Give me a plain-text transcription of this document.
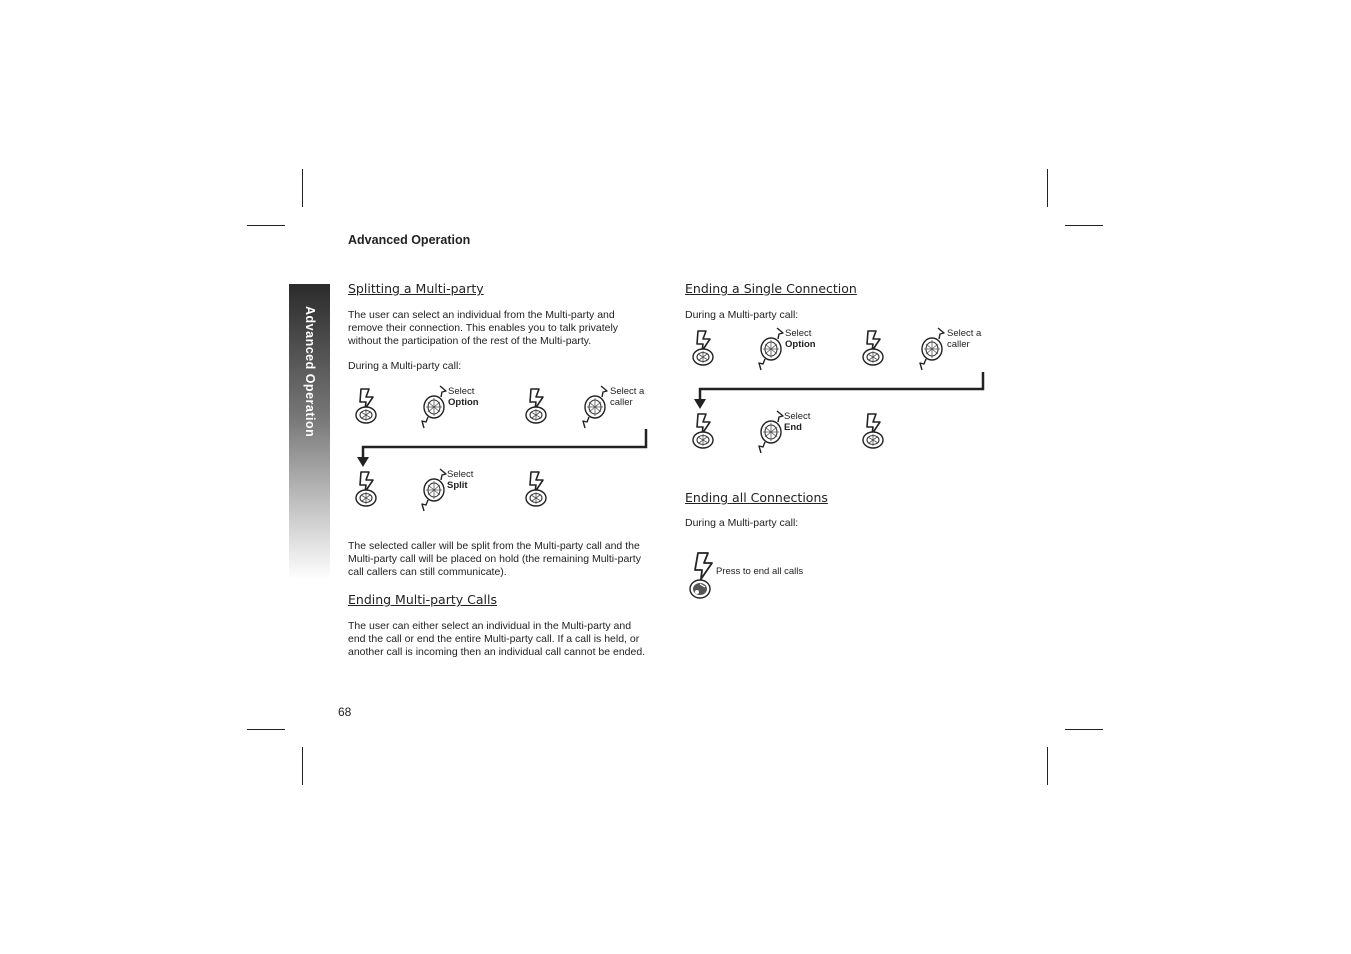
Advanced Operation
Advanced Operation
Splitting a Multi-party
The user can select an individual from the Multi-party and
remove their connection. This enables you to talk privately
without the participation of the rest of the Multi-party.
During a Multi-party call:
Select
Option
Select a
caller
Select
Split
The selected caller will be split from the Multi-party call and the
Multi-party call will be placed on hold (the remaining Multi-party
call callers can still communicate).
Ending Multi-party Calls
The user can either select an individual in the Multi-party and
end the call or end the entire Multi-party call. If a call is held, or
another call is incoming then an individual call cannot be ended.
Ending a Single Connection
During a Multi-party call:
Select
Option
Select a
caller
Select
End
Ending all Connections
During a Multi-party call:
Press to end all calls
68
